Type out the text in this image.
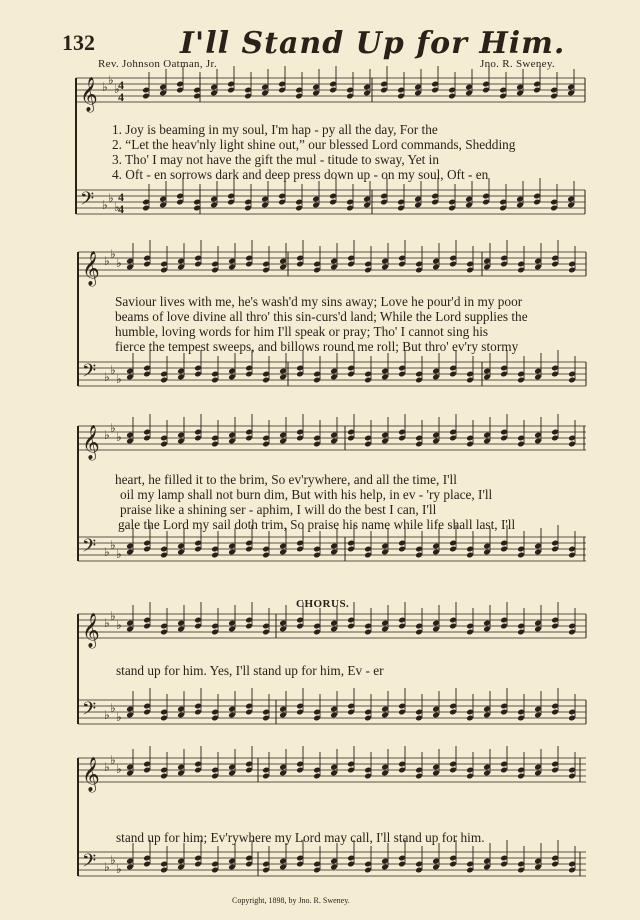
132	I'll Stand Up for Him.
Rev. Johnson Oatman, Jr.	Jno. R. Sweney.
𝄞 ♭ ♭
♭
𝄢 ♭ ♭
♭
𝄞 ♭ ♭
♭
𝄢 ♭ ♭
♭
𝄞 ♭ ♭
♭
𝄢 ♭ ♭
♭
𝄞 ♭ ♭
♭
𝄢 ♭ ♭
♭
𝄞 ♭ ♭
♭
𝄢 ♭ ♭
♭
4
4
4
4
1. Joy is beaming in my soul, I'm hap - py all the day, For the
2. “Let the heav'nly light shine out,” our blessed Lord commands, Shedding
3. Tho' I may not have the gift the mul - titude to sway, Yet in
4. Oft - en sorrows dark and deep press down up - on my soul, Oft - en
Saviour lives with me, he's wash'd my sins away; Love he pour'd in my poor
beams of love divine all thro' this sin-curs'd land; While the Lord supplies the
humble, loving words for him I'll speak or pray; Tho' I cannot sing his
fierce the tempest sweeps, and billows round me roll; But thro' ev'ry stormy
heart, he filled it to the brim, So ev'rywhere, and all the time, I'll
oil my lamp shall not burn dim, But with his help, in ev - 'ry place, I'll
praise like a shining ser - aphim, I will do the best I can, I'll
gale the Lord my sail doth trim, So praise his name while life shall last, I'll
CHORUS.
stand up for him. Yes, I'll stand up for him, Ev - er
stand up for him; Ev'rywhere my Lord may call, I'll stand up for him.
Copyright, 1898, by Jno. R. Sweney.
